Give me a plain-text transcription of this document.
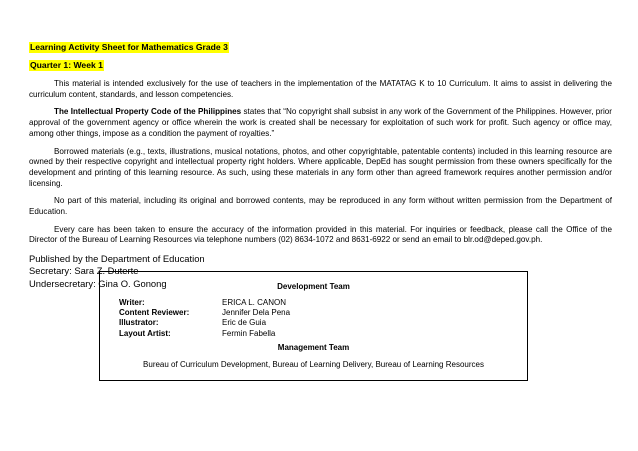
Learning Activity Sheet for Mathematics Grade 3
Quarter 1: Week 1

This material is intended exclusively for the use of teachers in the implementation of the MATATAG K to 10 Curriculum. It aims to assist in delivering the curriculum content, standards, and lesson competencies.

The Intellectual Property Code of the Philippines states that “No copyright shall subsist in any work of the Government of the Philippines. However, prior approval of the government agency or office wherein the work is created shall be necessary for exploitation of such work for profit. Such agency or office may, among other things, impose as a condition the payment of royalties.”

Borrowed materials (e.g., texts, illustrations, musical notations, photos, and other copyrightable, patentable contents) included in this learning resource are owned by their respective copyright and intellectual property right holders. Where applicable, DepEd has sought permission from these owners specifically for the development and printing of this learning resource. As such, using these materials in any form other than agreed framework requires another permission and/or licensing.

No part of this material, including its original and borrowed contents, may be reproduced in any form without written permission from the Department of Education.

Every care has been taken to ensure the accuracy of the information provided in this material. For inquiries or feedback, please call the Office of the Director of the Bureau of Learning Resources via telephone numbers (02) 8634-1072 and 8631-6922 or send an email to blr.od@deped.gov.ph.

Published by the Department of Education
Secretary: Sara Z. Duterte
Undersecretary: Gina O. Gonong	Development Team
Writer:	ERICA L. CANON
Content Reviewer:	Jennifer Dela Pena
Illustrator:	Eric de Guia
Layout Artist:	Fermin Fabella
Management Team
Bureau of Curriculum Development, Bureau of Learning Delivery, Bureau of Learning Resources
